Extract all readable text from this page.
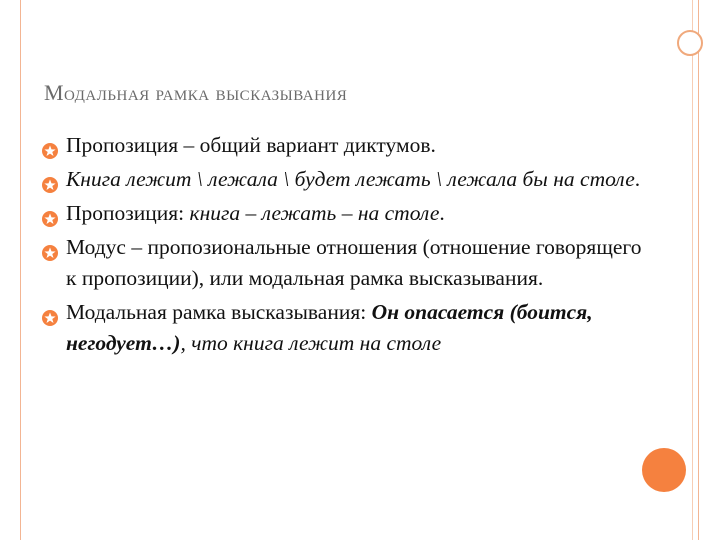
Модальная рамка высказывания
Пропозиция – общий вариант диктумов.
Книга лежит \ лежала \ будет лежать \ лежала бы на столе.
Пропозиция: книга – лежать – на столе.
Модус – пропозиональные отношения (отношение говорящего к пропозиции), или модальная рамка высказывания.
Модальная рамка высказывания: Он опасается (боится, негодует…), что книга лежит на столе
